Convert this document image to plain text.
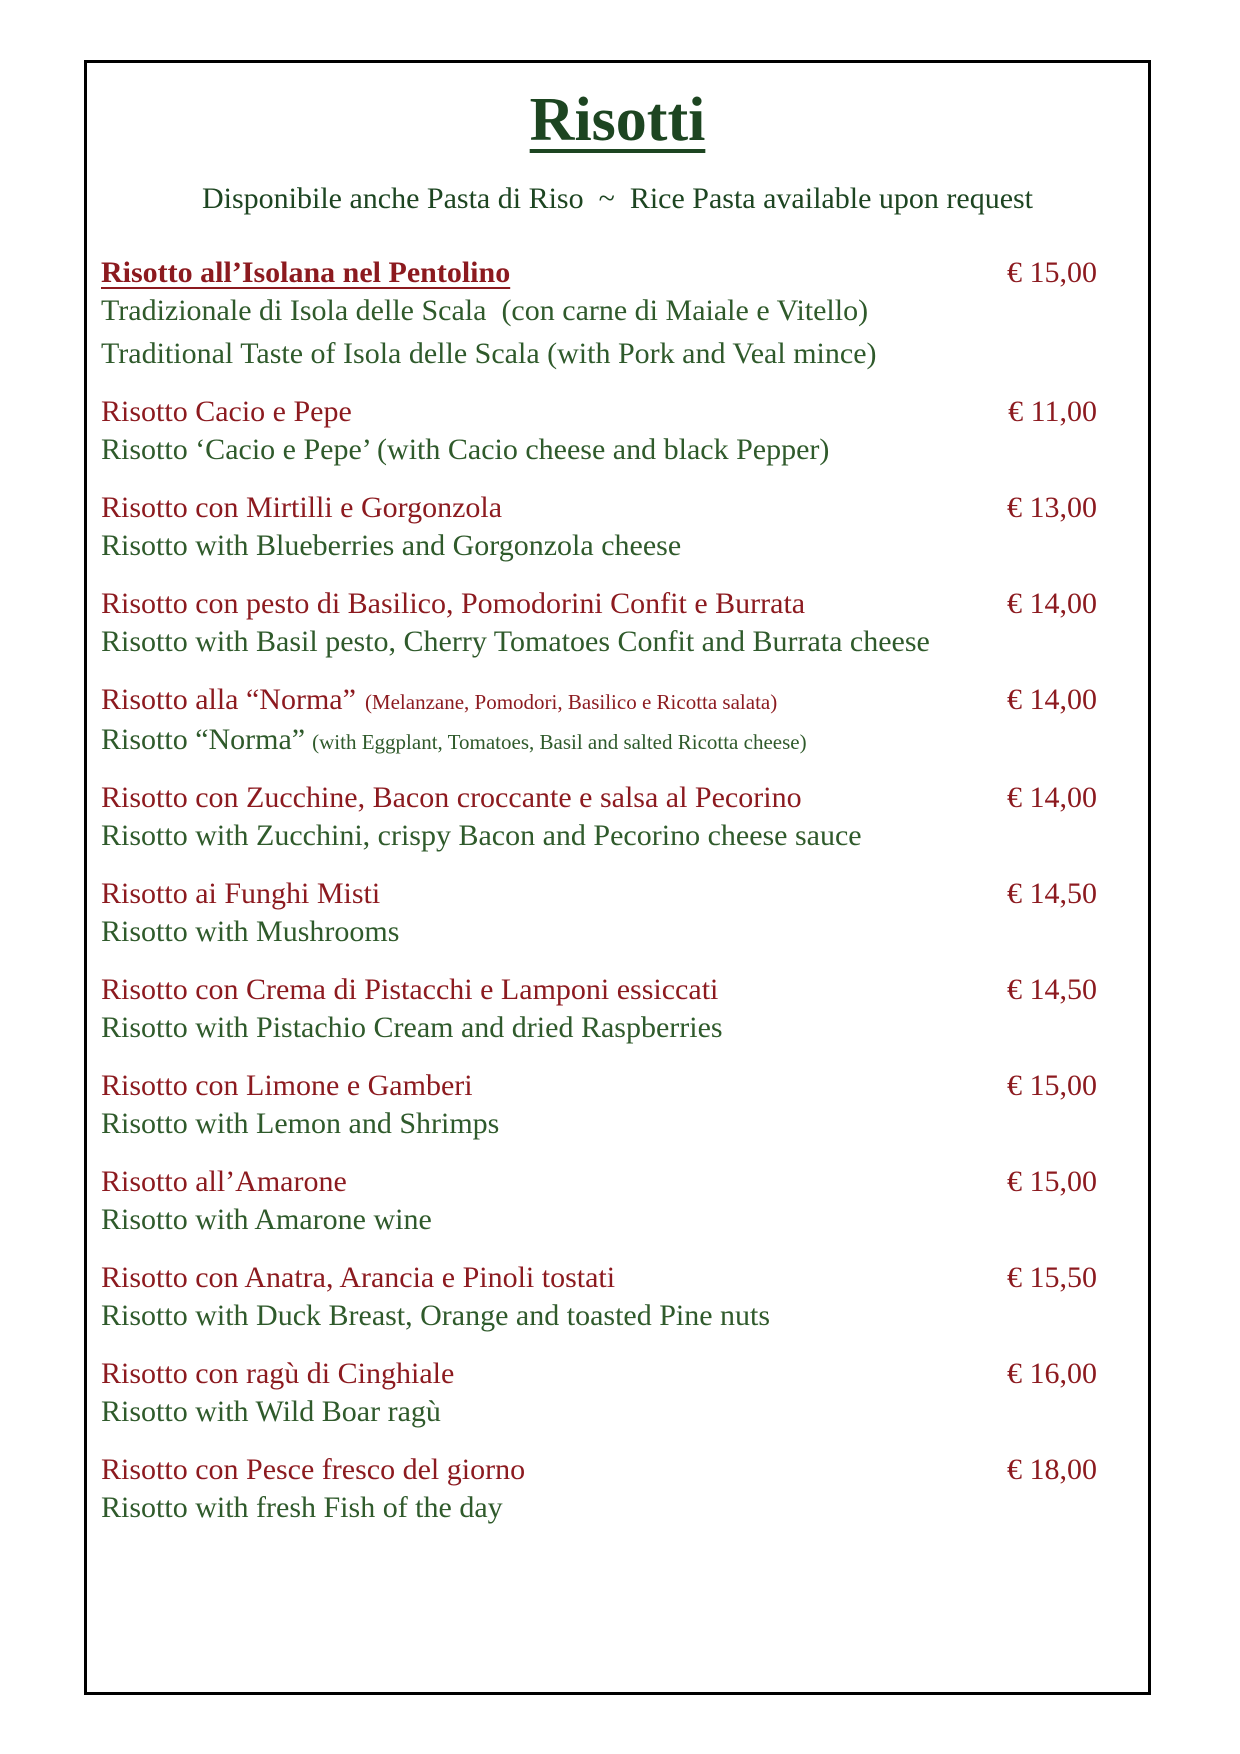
Risotti

Disponibile anche Pasta di Riso  ~  Rice Pasta available upon request

Risotto all’Isolana nel Pentolino	€ 15,00
Tradizionale di Isola delle Scala  (con carne di Maiale e Vitello)
Traditional Taste of Isola delle Scala (with Pork and Veal mince)
Risotto Cacio e Pepe	€ 11,00
Risotto ‘Cacio e Pepe’ (with Cacio cheese and black Pepper)
Risotto con Mirtilli e Gorgonzola	€ 13,00
Risotto with Blueberries and Gorgonzola cheese
Risotto con pesto di Basilico, Pomodorini Confit e Burrata	€ 14,00
Risotto with Basil pesto, Cherry Tomatoes Confit and Burrata cheese
Risotto alla “Norma” (Melanzane, Pomodori, Basilico e Ricotta salata)	€ 14,00
Risotto “Norma” (with Eggplant, Tomatoes, Basil and salted Ricotta cheese)
Risotto con Zucchine, Bacon croccante e salsa al Pecorino	€ 14,00
Risotto with Zucchini, crispy Bacon and Pecorino cheese sauce
Risotto ai Funghi Misti	€ 14,50
Risotto with Mushrooms
Risotto con Crema di Pistacchi e Lamponi essiccati	€ 14,50
Risotto with Pistachio Cream and dried Raspberries
Risotto con Limone e Gamberi	€ 15,00
Risotto with Lemon and Shrimps
Risotto all’Amarone	€ 15,00
Risotto with Amarone wine
Risotto con Anatra, Arancia e Pinoli tostati	€ 15,50
Risotto with Duck Breast, Orange and toasted Pine nuts
Risotto con ragù di Cinghiale	€ 16,00
Risotto with Wild Boar ragù
Risotto con Pesce fresco del giorno	€ 18,00
Risotto with fresh Fish of the day
